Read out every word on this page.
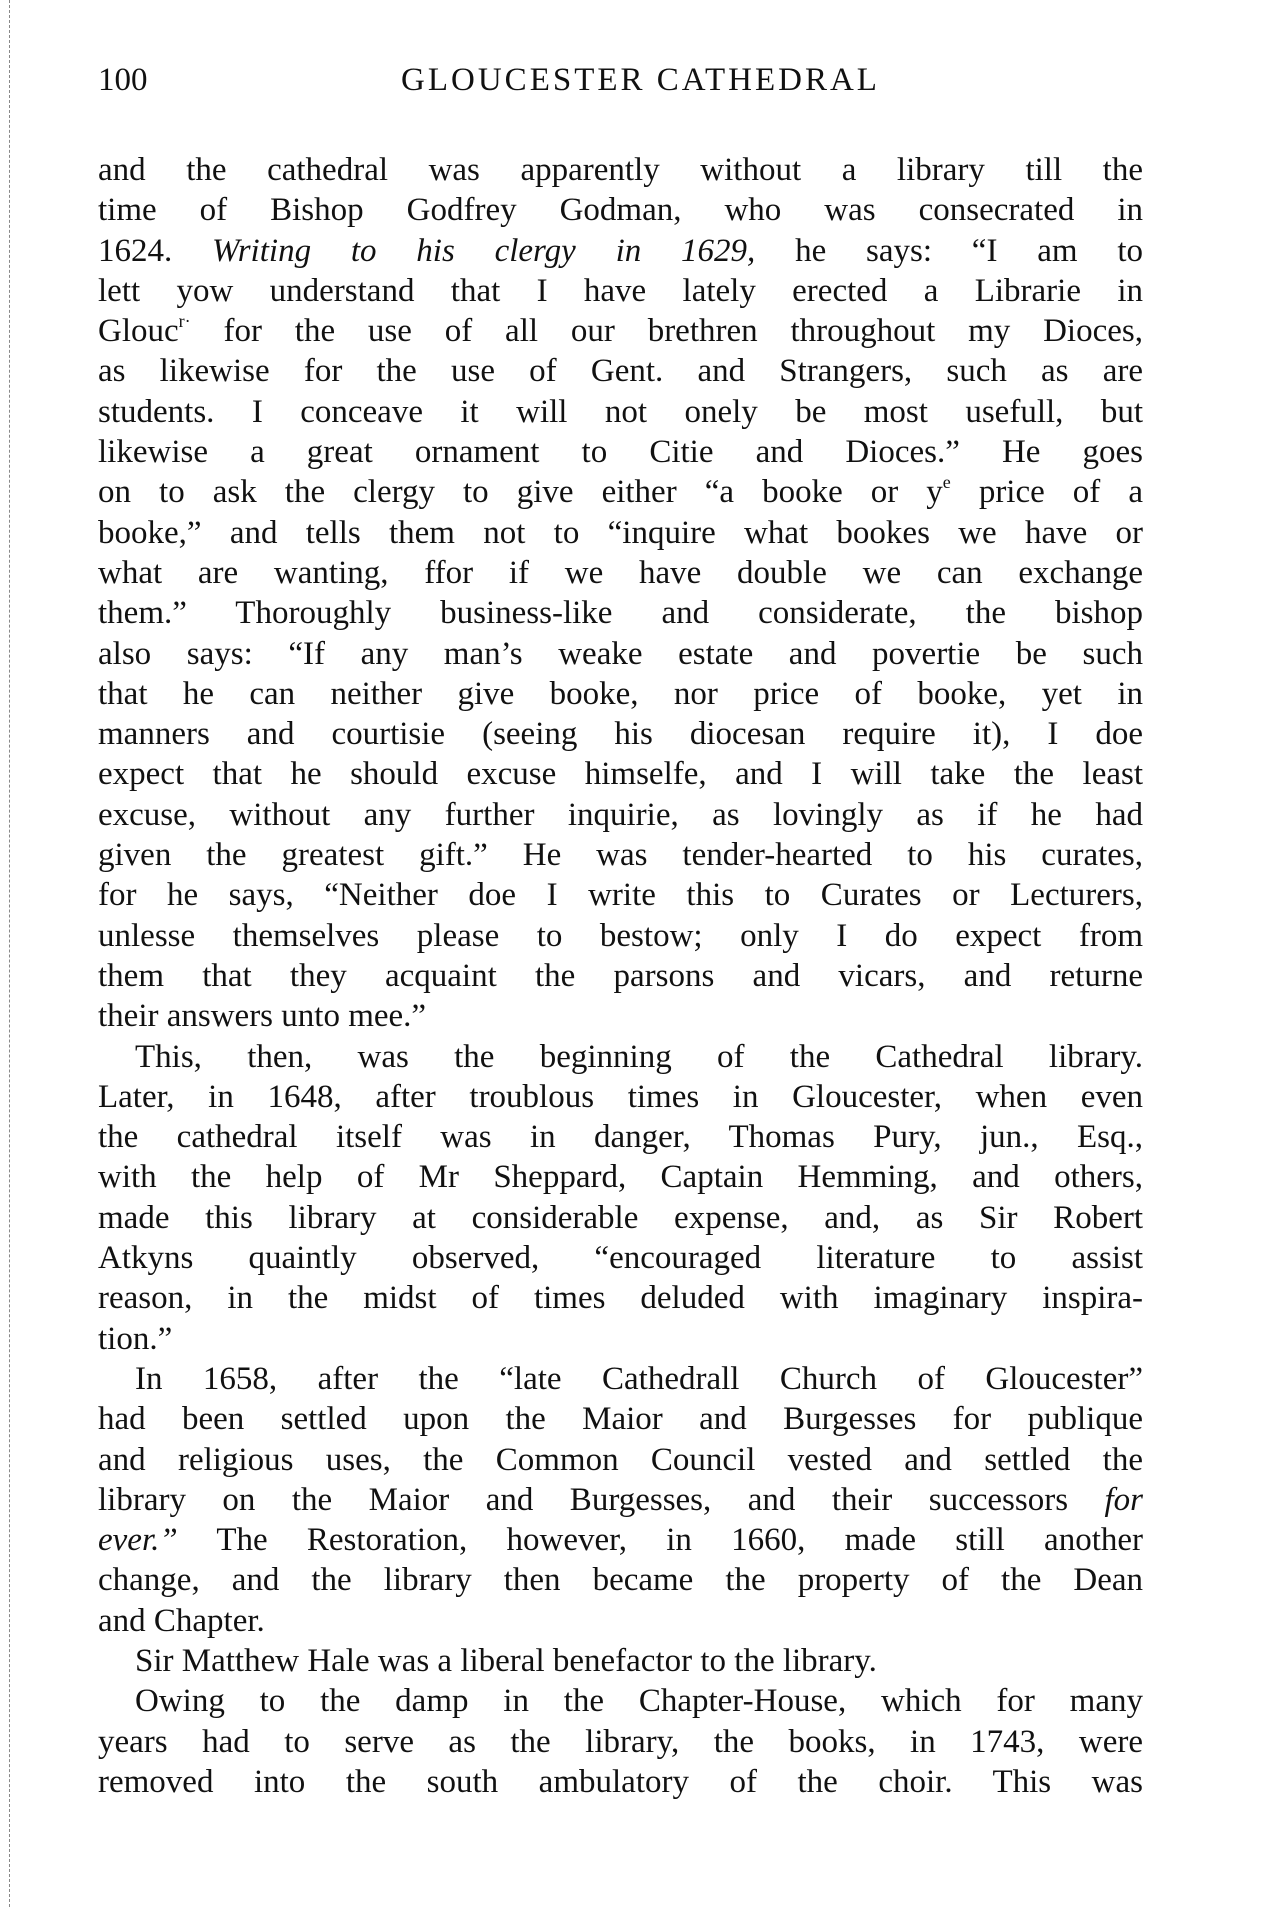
100	GLOUCESTER CATHEDRAL
and the cathedral was apparently without a library till the
time of Bishop Godfrey Godman, who was consecrated in
1624. Writing to his clergy in 1629, he says: “I am to
lett yow understand that I have lately erected a Librarie in
Glouc$^{r\cdot}$ for the use of all our brethren throughout my Dioces,
as likewise for the use of Gent. and Strangers, such as are
students. I conceave it will not onely be most usefull, but
likewise a great ornament to Citie and Dioces.” He goes
on to ask the clergy to give either “a booke or $y^e$ price of a
booke,” and tells them not to “inquire what bookes we have or
what are wanting, ffor if we have double we can exchange
them.” Thoroughly business-like and considerate, the bishop
also says: “If any man’s weake estate and povertie be such
that he can neither give booke, nor price of booke, yet in
manners and courtisie (seeing his diocesan require it), I doe
expect that he should excuse himselfe, and I will take the least
excuse, without any further inquirie, as lovingly as if he had
given the greatest gift.” He was tender-hearted to his curates,
for he says, “Neither doe I write this to Curates or Lecturers,
unlesse themselves please to bestow; only I do expect from
them that they acquaint the parsons and vicars, and returne
their answers unto mee.”
This, then, was the beginning of the Cathedral library.
Later, in 1648, after troublous times in Gloucester, when even
the cathedral itself was in danger, Thomas Pury, jun., Esq.,
with the help of Mr Sheppard, Captain Hemming, and others,
made this library at considerable expense, and, as Sir Robert
Atkyns quaintly observed, “encouraged literature to assist
reason, in the midst of times deluded with imaginary inspira-
tion.”
In 1658, after the “late Cathedrall Church of Gloucester”
had been settled upon the Maior and Burgesses for publique
and religious uses, the Common Council vested and settled the
library on the Maior and Burgesses, and their successors for
ever.” The Restoration, however, in 1660, made still another
change, and the library then became the property of the Dean
and Chapter.
Sir Matthew Hale was a liberal benefactor to the library.
Owing to the damp in the Chapter-House, which for many
years had to serve as the library, the books, in 1743, were
removed into the south ambulatory of the choir. This was
